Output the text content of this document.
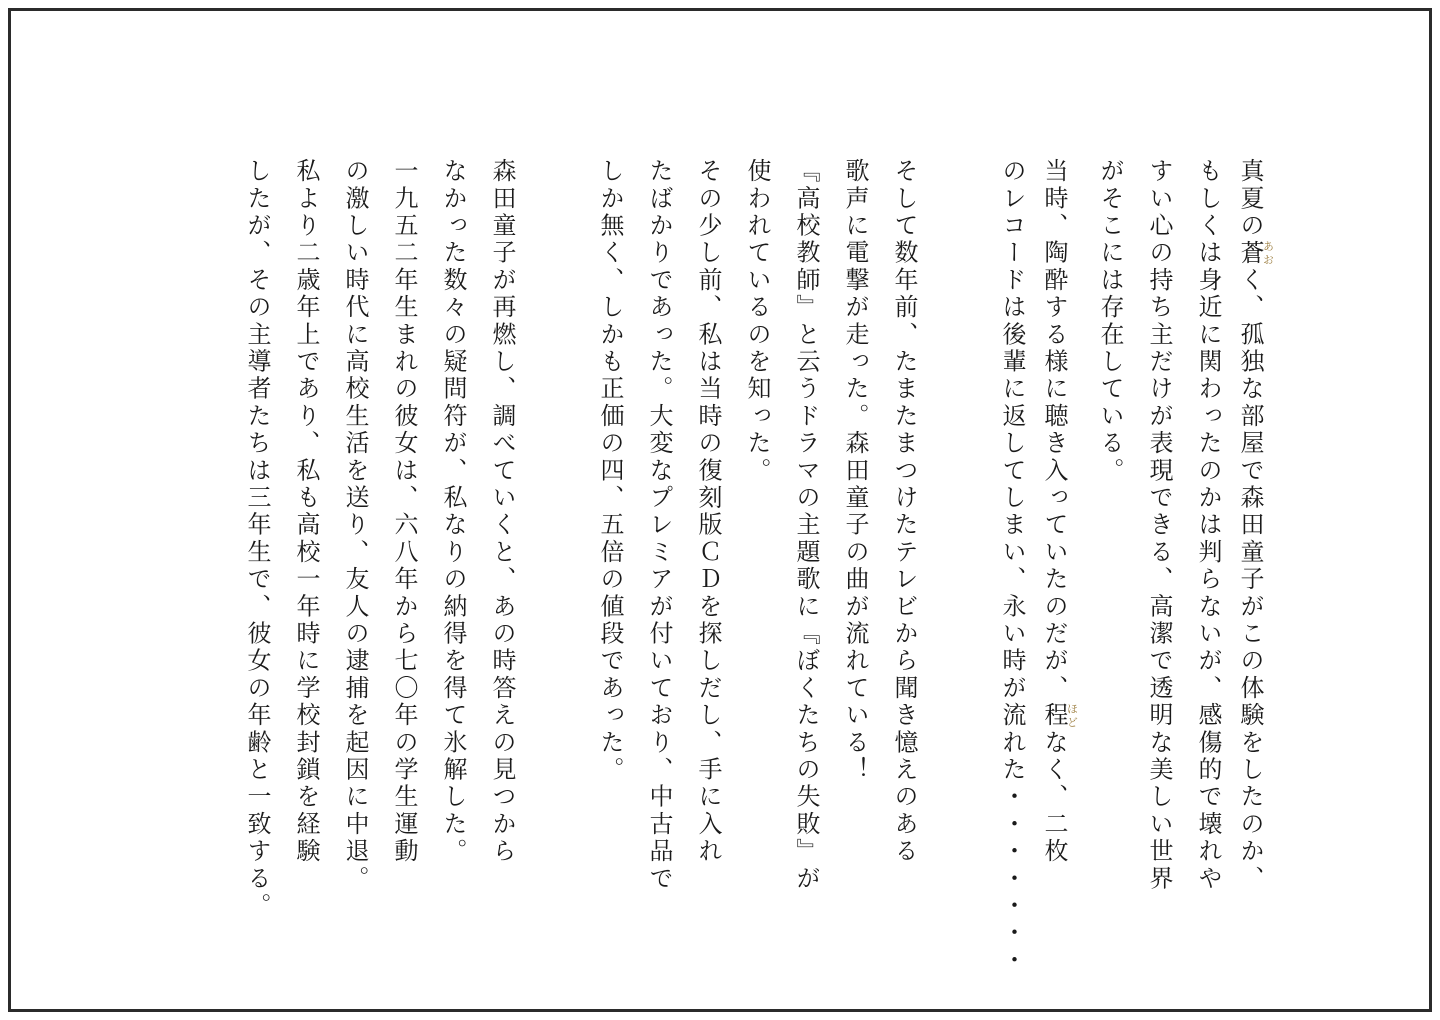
真夏の蒼あおく、孤独な部屋で森田童子がこの体験をしたのか、
もしくは身近に関わったのかは判らないが、感傷的で壊れや
すい心の持ち主だけが表現できる、高潔で透明な美しい世界
がそこには存在している。
当時、陶酔する様に聴き入っていたのだが、程ほどなく、二枚
のレコードは後輩に返してしまい、永い時が流れた・・・・・・・
そして数年前、たまたまつけたテレビから聞き憶えのある
歌声に電撃が走った。森田童子の曲が流れている！
『高校教師』と云うドラマの主題歌に『ぼくたちの失敗』が
使われているのを知った。
その少し前、私は当時の復刻版ＣＤを探しだし、手に入れ
たばかりであった。大変なプレミアが付いており、中古品で
しか無く、しかも正価の四、五倍の値段であった。
森田童子が再燃し、調べていくと、あの時答えの見つから
なかった数々の疑問符が、私なりの納得を得て氷解した。
一九五二年生まれの彼女は、六八年から七〇年の学生運動
の激しい時代に高校生活を送り、友人の逮捕を起因に中退。
私より二歳年上であり、私も高校一年時に学校封鎖を経験
したが、その主導者たちは三年生で、彼女の年齢と一致する。
